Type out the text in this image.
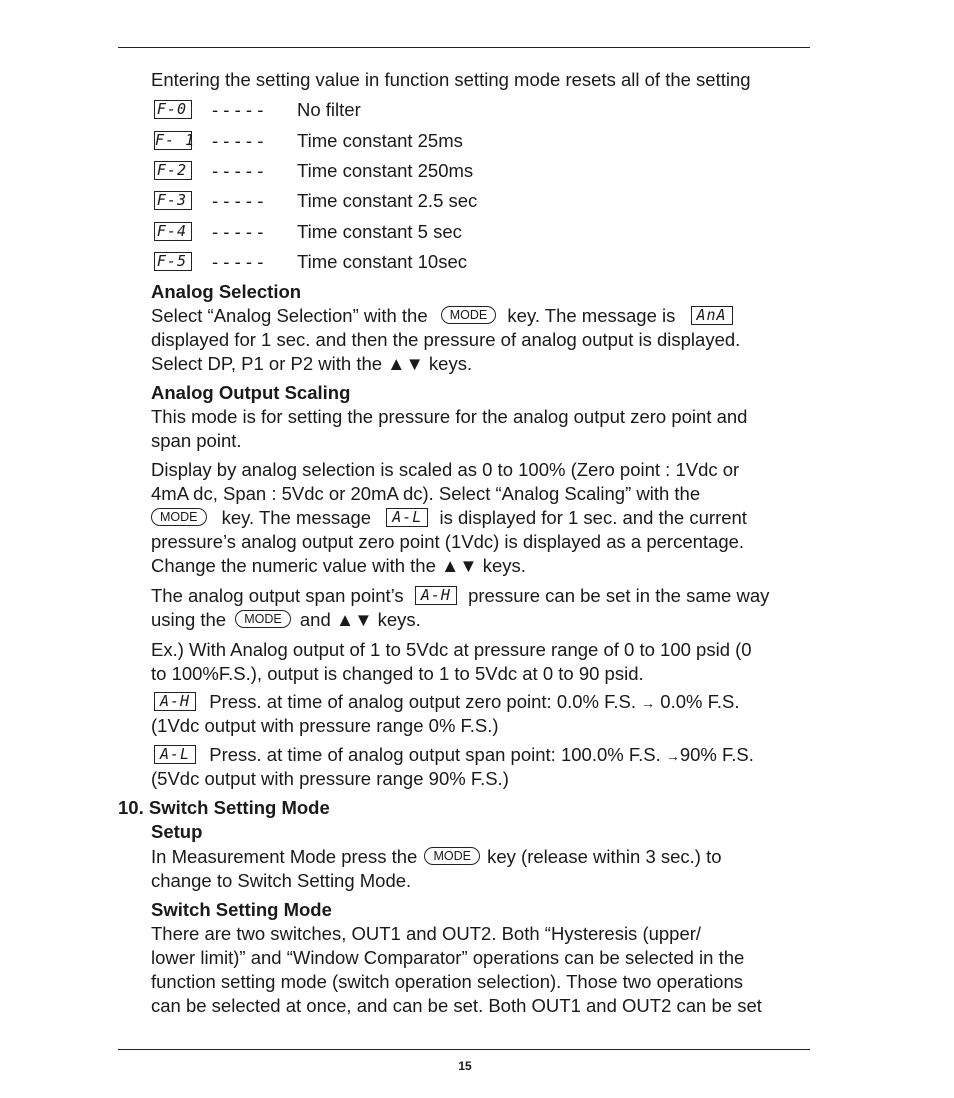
Entering the setting value in function setting mode resets all of the setting
F-0 - - - - - No filter
F- 1 - - - - - Time constant 25ms
F-2 - - - - - Time constant 250ms
F-3 - - - - - Time constant 2.5 sec
F-4 - - - - - Time constant 5 sec
F-5 - - - - - Time constant 10sec
Analog Selection
Select “Analog Selection” with the MODE key. The message is AnA
displayed for 1 sec. and then the pressure of analog output is displayed.
Select DP, P1 or P2 with the ▲▼ keys.
Analog Output Scaling
This mode is for setting the pressure for the analog output zero point and
span point.
Display by analog selection is scaled as 0 to 100% (Zero point : 1Vdc or
4mA dc, Span : 5Vdc or 20mA dc). Select “Analog Scaling” with the
MODE key. The message A-L is displayed for 1 sec. and the current
pressure’s analog output zero point (1Vdc) is displayed as a percentage.
Change the numeric value with the ▲▼ keys.
The analog output span point’s A-H pressure can be set in the same way
using the MODE and ▲▼ keys.
Ex.) With Analog output of 1 to 5Vdc at pressure range of 0 to 100 psid (0
to 100%F.S.), output is changed to 1 to 5Vdc at 0 to 90 psid.
A-H Press. at time of analog output zero point: 0.0% F.S. → 0.0% F.S.
(1Vdc output with pressure range 0% F.S.)
A-L Press. at time of analog output span point: 100.0% F.S. →90% F.S.
(5Vdc output with pressure range 90% F.S.)
10. Switch Setting Mode
Setup
In Measurement Mode press the MODE key (release within 3 sec.) to
change to Switch Setting Mode.
Switch Setting Mode
There are two switches, OUT1 and OUT2. Both “Hysteresis (upper/
lower limit)” and “Window Comparator” operations can be selected in the
function setting mode (switch operation selection). Those two operations
can be selected at once, and can be set. Both OUT1 and OUT2 can be set
15
